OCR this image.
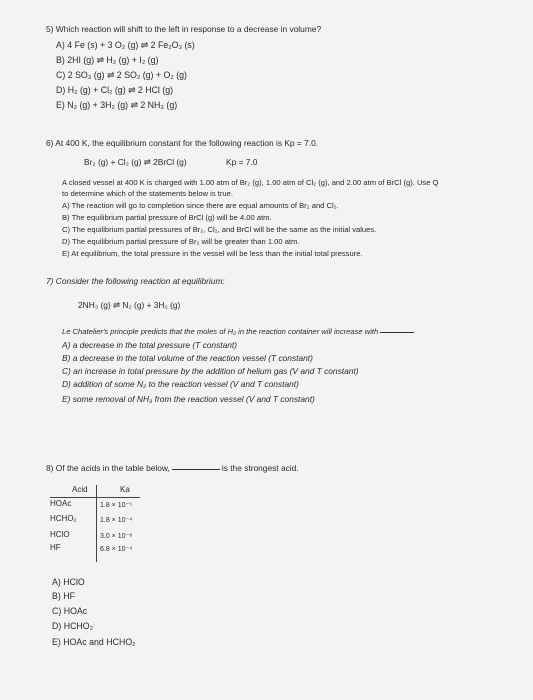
5) Which reaction will shift to the left in response to a decrease in volume?
A) 4 Fe (s) + 3 O₂ (g) ⇌ 2 Fe₂O₃ (s)
B) 2HI (g) ⇌ H₂ (g) + I₂ (g)
C) 2 SO₃ (g) ⇌ 2 SO₂ (g) + O₂ (g)
D) H₂ (g) + Cl₂ (g) ⇌ 2 HCl (g)
E) N₂ (g) + 3H₂ (g) ⇌ 2 NH₃ (g)
6) At 400 K, the equilibrium constant for the following reaction is Kp = 7.0.
Br₂ (g) + Cl₂ (g) ⇌ 2BrCl (g)	Kp = 7.0
A closed vessel at 400 K is charged with 1.00 atm of Br₂ (g), 1.00 atm of Cl₂ (g), and 2.00 atm of BrCl (g). Use Q
to determine which of the statements below is true.
A) The reaction will go to completion since there are equal amounts of Br₂ and Cl₂.
B) The equilibrium partial pressure of BrCl (g) will be 4.00 atm.
C) The equilibrium partial pressures of Br₂, Cl₂, and BrCl will be the same as the initial values.
D) The equilibrium partial pressure of Br₂ will be greater than 1.00 atm.
E) At equilibrium, the total pressure in the vessel will be less than the initial total pressure.
7) Consider the following reaction at equilibrium:
2NH₃ (g) ⇌ N₂ (g) + 3H₂ (g)
Le Chatelier's principle predicts that the moles of H₂ in the reaction container will increase with
A) a decrease in the total pressure (T constant)
B) a decrease in the total volume of the reaction vessel (T constant)
C) an increase in total pressure by the addition of helium gas (V and T constant)
D) addition of some N₂ to the reaction vessel (V and T constant)
E) some removal of NH₃ from the reaction vessel (V and T constant)
8) Of the acids in the table below,	is the strongest acid.
Acid	Ka
HOAc	1.8 × 10⁻⁵
HCHO₂	1.8 × 10⁻⁴
HClO	3.0 × 10⁻⁸
HF	6.8 × 10⁻⁴
A) HClO
B) HF
C) HOAc
D) HCHO₂
E) HOAc and HCHO₂
